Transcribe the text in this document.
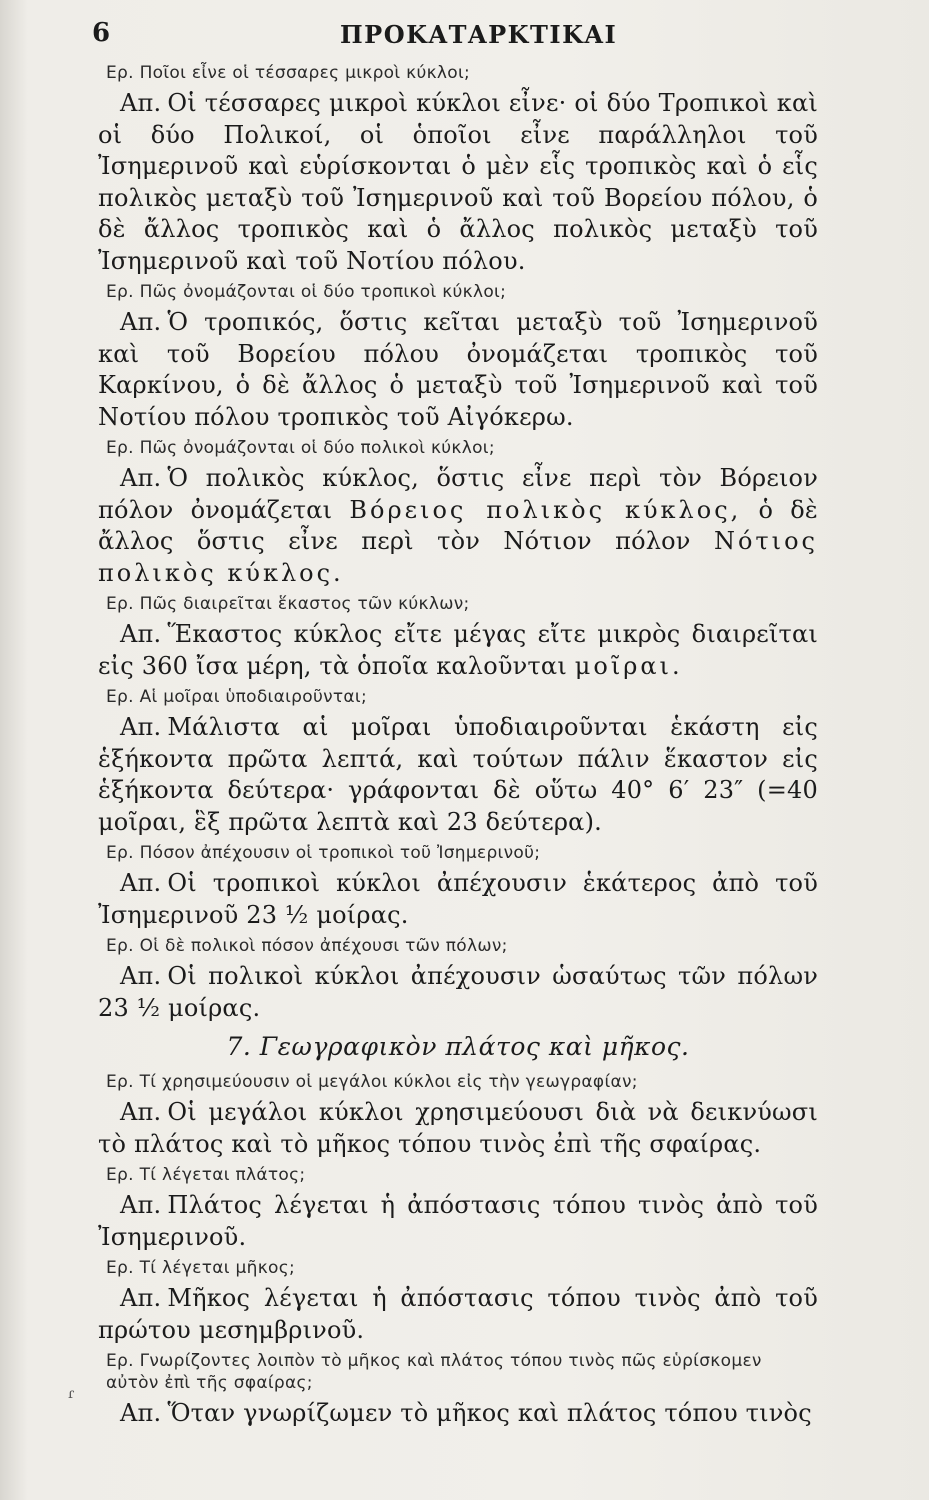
6	ΠΡΟΚΑΤΑΡΚΤΙΚΑΙ

Ερ. Ποῖοι εἶνε οἱ τέσσαρες μικροὶ κύκλοι;

Απ. Οἱ τέσσαρες μικροὶ κύκλοι εἶνε· οἱ δύο Τροπικοὶ καὶ οἱ δύο Πολικοί, οἱ ὁποῖοι εἶνε παράλληλοι τοῦ Ἰσημερινοῦ καὶ εὑρίσκονται ὁ μὲν εἷς τροπικὸς καὶ ὁ εἷς πολικὸς μεταξὺ τοῦ Ἰσημερινοῦ καὶ τοῦ Βορείου πόλου, ὁ δὲ ἄλλος τροπικὸς καὶ ὁ ἄλλος πολικὸς μεταξὺ τοῦ Ἰσημερινοῦ καὶ τοῦ Νοτίου πόλου.

Ερ. Πῶς ὀνομάζονται οἱ δύο τροπικοὶ κύκλοι;

Απ. Ὁ τροπικός, ὅστις κεῖται μεταξὺ τοῦ Ἰσημερινοῦ καὶ τοῦ Βορείου πόλου ὀνομάζεται τροπικὸς τοῦ Καρκίνου, ὁ δὲ ἄλλος ὁ μεταξὺ τοῦ Ἰσημερινοῦ καὶ τοῦ Νοτίου πόλου τροπικὸς τοῦ Αἰγόκερω.

Ερ. Πῶς ὀνομάζονται οἱ δύο πολικοὶ κύκλοι;

Απ. Ὁ πολικὸς κύκλος, ὅστις εἶνε περὶ τὸν Βόρειον πόλον ὀνομάζεται Βόρειος πολικὸς κύκλος, ὁ δὲ ἄλλος ὅστις εἶνε περὶ τὸν Νότιον πόλον Νότιος πολικὸς κύκλος.

Ερ. Πῶς διαιρεῖται ἕκαστος τῶν κύκλων;

Απ. Ἕκαστος κύκλος εἴτε μέγας εἴτε μικρὸς διαιρεῖται εἰς 360 ἴσα μέρη, τὰ ὁποῖα καλοῦνται μοῖραι.

Ερ. Αἱ μοῖραι ὑποδιαιροῦνται;

Απ. Μάλιστα αἱ μοῖραι ὑποδιαιροῦνται ἑκάστη εἰς ἑξήκοντα πρῶτα λεπτά, καὶ τούτων πάλιν ἕκαστον εἰς ἑξήκοντα δεύτερα· γράφονται δὲ οὕτω 40° 6′ 23″ (=40 μοῖραι, ἓξ πρῶτα λεπτὰ καὶ 23 δεύτερα).

Ερ. Πόσον ἀπέχουσιν οἱ τροπικοὶ τοῦ Ἰσημερινοῦ;

Απ. Οἱ τροπικοὶ κύκλοι ἀπέχουσιν ἑκάτερος ἀπὸ τοῦ Ἰσημερινοῦ 23 ½ μοίρας.

Ερ. Οἱ δὲ πολικοὶ πόσον ἀπέχουσι τῶν πόλων;

Απ. Οἱ πολικοὶ κύκλοι ἀπέχουσιν ὡσαύτως τῶν πόλων 23 ½ μοίρας.

7. Γεωγραφικὸν πλάτος καὶ μῆκος.

Ερ. Τί χρησιμεύουσιν οἱ μεγάλοι κύκλοι εἰς τὴν γεωγραφίαν;

Απ. Οἱ μεγάλοι κύκλοι χρησιμεύουσι διὰ νὰ δεικνύωσι τὸ πλάτος καὶ τὸ μῆκος τόπου τινὸς ἐπὶ τῆς σφαίρας.

Ερ. Τί λέγεται πλάτος;

Απ. Πλάτος λέγεται ἡ ἀπόστασις τόπου τινὸς ἀπὸ τοῦ Ἰσημερινοῦ.

Ερ. Τί λέγεται μῆκος;

Απ. Μῆκος λέγεται ἡ ἀπόστασις τόπου τινὸς ἀπὸ τοῦ πρώτου μεσημβρινοῦ.

Ερ. Γνωρίζοντες λοιπὸν τὸ μῆκος καὶ πλάτος τόπου τινὸς πῶς εὑρίσκομεν αὐτὸν ἐπὶ τῆς σφαίρας;

Απ. Ὅταν γνωρίζωμεν τὸ μῆκος καὶ πλάτος τόπου τινὸς

ɾ
